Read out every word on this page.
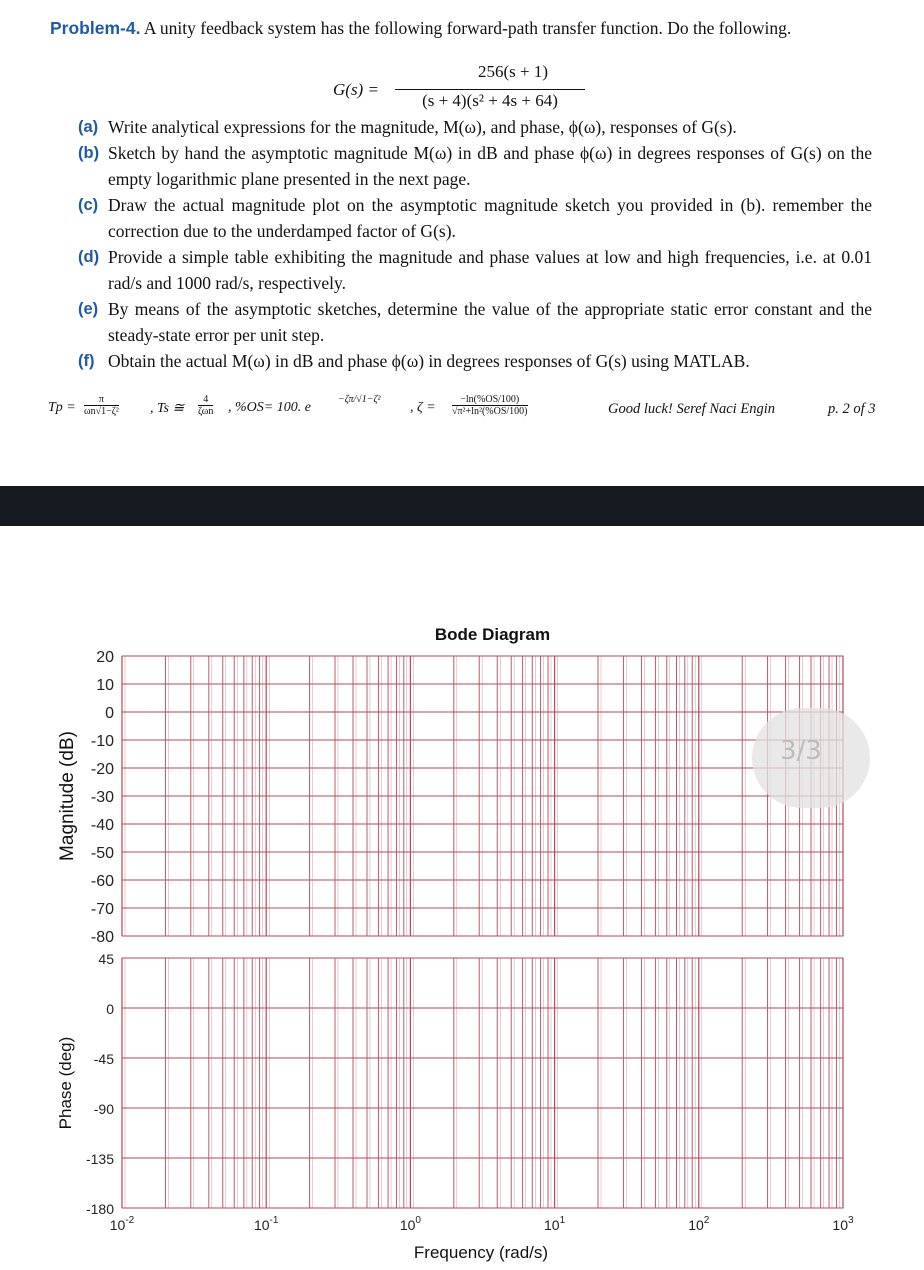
Problem-4. A unity feedback system has the following forward-path transfer function. Do the following.
G(s) =
256(s + 1)
(s + 4)(s² + 4s + 64)
(a) Write analytical expressions for the magnitude, M(ω), and phase, ϕ(ω), responses of G(s).
(b) Sketch by hand the asymptotic magnitude M(ω) in dB and phase ϕ(ω) in degrees responses of G(s) on the empty logarithmic plane presented in the next page.
(c) Draw the actual magnitude plot on the asymptotic magnitude sketch you provided in (b). remember the correction due to the underdamped factor of G(s).
(d) Provide a simple table exhibiting the magnitude and phase values at low and high frequencies, i.e. at 0.01 rad/s and 1000 rad/s, respectively.
(e) By means of the asymptotic sketches, determine the value of the appropriate static error constant and the steady-state error per unit step.
(f) Obtain the actual M(ω) in dB and phase ϕ(ω) in degrees responses of G(s) using MATLAB.
$Tp = \frac{\pi}{\text{ωn√1−ζ²}}$ , Ts ≅
4
ζωn , %OS= 100. e
−ζπ/√1−ζ²
, $\zeta = \frac{-\ln(\%OS/100)}{\text{√π²+ln²(\%OS/100)}}$	Good luck! Seref Naci Engin	p. 2 of 3
Bode Diagram
20
10
0
-10
-20
-30
-40
-50
-60
-70
-80
45
0
-45
-90
-135
-180
$10^{-2}$	$10^{-1}$	$10^0$	$10^1$	$10^2$	$10^3$
Frequency (rad/s)
Magnitude (dB)
Phase (deg)
3/3
